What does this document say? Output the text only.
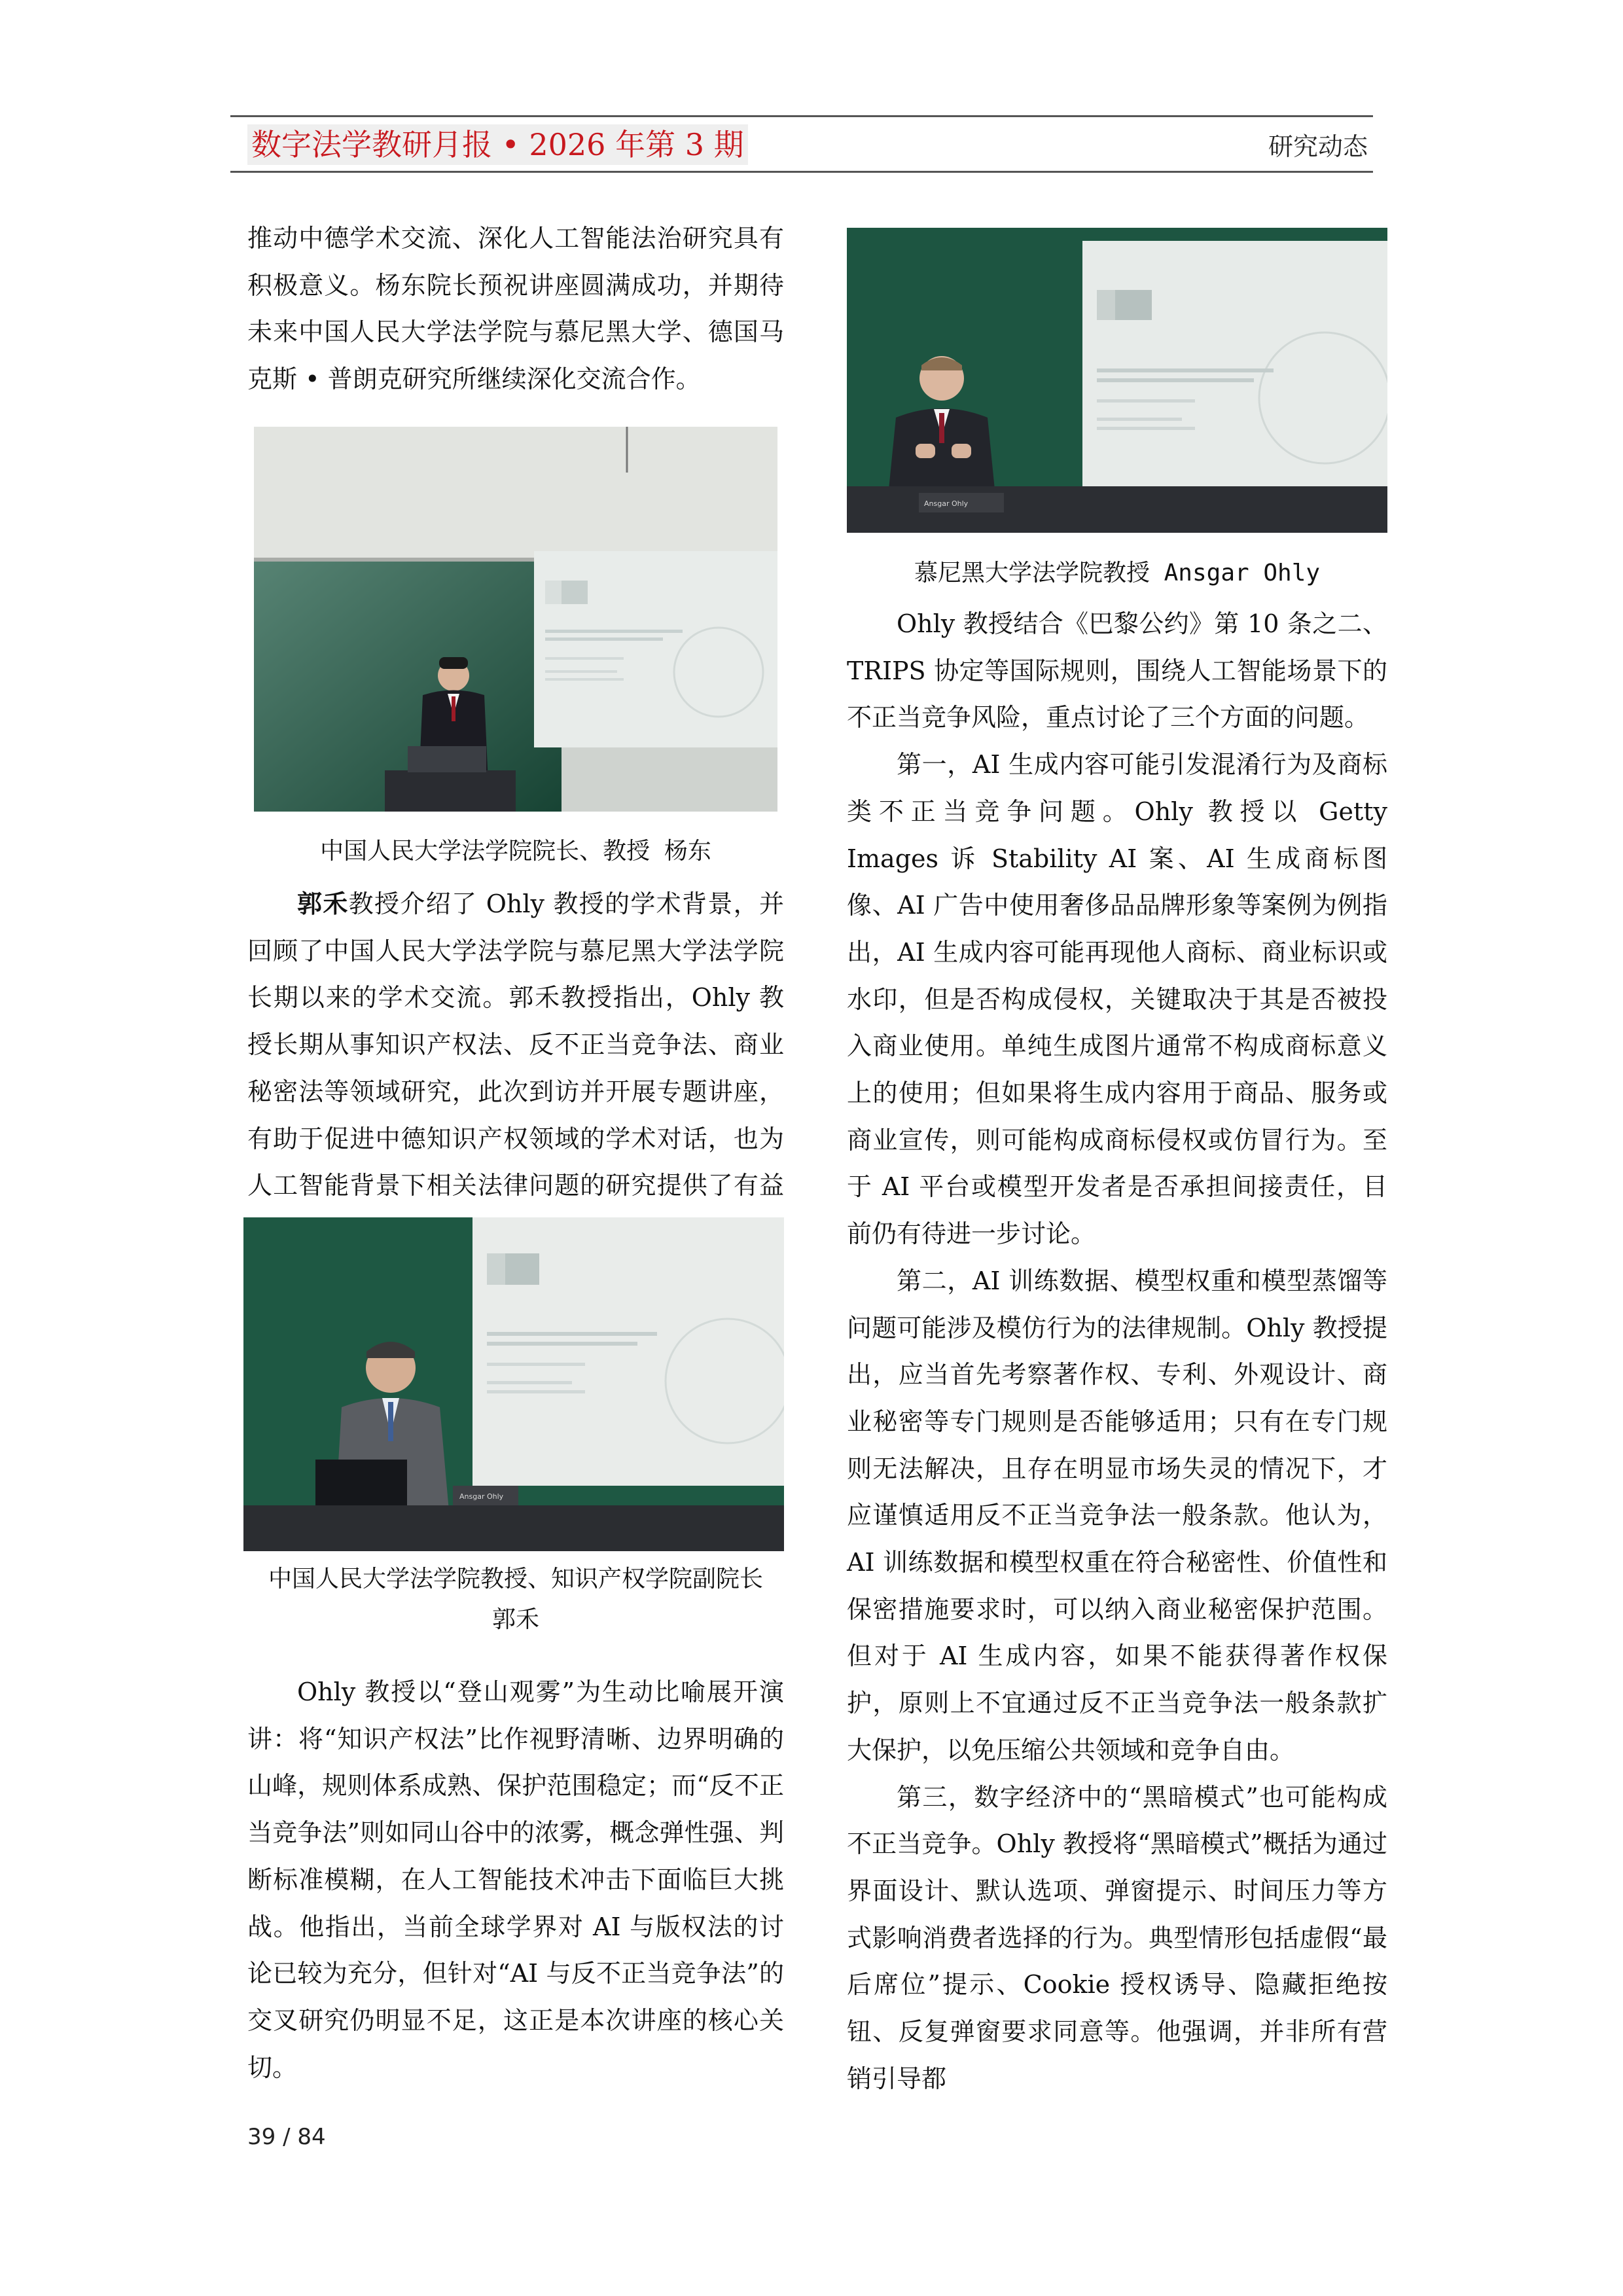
数字法学教研月报 • 2026 年第 3 期	研究动态

推动中德学术交流、深化人工智能法治研究具有积极意义。杨东院长预祝讲座圆满成功，并期待未来中国人民大学法学院与慕尼黑大学、德国马克斯 • 普朗克研究所继续深化交流合作。

中国人民大学法学院院长、教授 杨东

郭禾教授介绍了 Ohly 教授的学术背景，并回顾了中国人民大学法学院与慕尼黑大学法学院长期以来的学术交流。郭禾教授指出，Ohly 教授长期从事知识产权法、反不正当竞争法、商业秘密法等领域研究，此次到访并开展专题讲座，有助于促进中德知识产权领域的学术对话，也为人工智能背景下相关法律问题的研究提供了有益

Ansgar Ohly
中国人民大学法学院教授、知识产权学院副院长
郭禾

Ohly 教授以“登山观雾”为生动比喻展开演讲：将“知识产权法”比作视野清晰、边界明确的山峰，规则体系成熟、保护范围稳定；而“反不正当竞争法”则如同山谷中的浓雾，概念弹性强、判断标准模糊，在人工智能技术冲击下面临巨大挑战。他指出，当前全球学界对 AI 与版权法的讨论已较为充分，但针对“AI 与反不正当竞争法”的交叉研究仍明显不足，这正是本次讲座的核心关切。

Ansgar Ohly
慕尼黑大学法学院教授 Ansgar Ohly

Ohly 教授结合《巴黎公约》第 10 条之二、TRIPS 协定等国际规则，围绕人工智能场景下的不正当竞争风险，重点讨论了三个方面的问题。

第一，AI 生成内容可能引发混淆行为及商标类不正当竞争问题。Ohly 教授以 Getty Images 诉 Stability AI 案、AI 生成商标图像、AI 广告中使用奢侈品品牌形象等案例为例指出，AI 生成内容可能再现他人商标、商业标识或水印，但是否构成侵权，关键取决于其是否被投入商业使用。单纯生成图片通常不构成商标意义上的使用；但如果将生成内容用于商品、服务或商业宣传，则可能构成商标侵权或仿冒行为。至于 AI 平台或模型开发者是否承担间接责任，目前仍有待进一步讨论。

第二，AI 训练数据、模型权重和模型蒸馏等问题可能涉及模仿行为的法律规制。Ohly 教授提出，应当首先考察著作权、专利、外观设计、商业秘密等专门规则是否能够适用；只有在专门规则无法解决，且存在明显市场失灵的情况下，才应谨慎适用反不正当竞争法一般条款。他认为，AI 训练数据和模型权重在符合秘密性、价值性和保密措施要求时，可以纳入商业秘密保护范围。但对于 AI 生成内容，如果不能获得著作权保护，原则上不宜通过反不正当竞争法一般条款扩大保护，以免压缩公共领域和竞争自由。

第三，数字经济中的“黑暗模式”也可能构成不正当竞争。Ohly 教授将“黑暗模式”概括为通过界面设计、默认选项、弹窗提示、时间压力等方式影响消费者选择的行为。典型情形包括虚假“最后席位”提示、Cookie 授权诱导、隐藏拒绝按钮、反复弹窗要求同意等。他强调，并非所有营销引导都

39 / 84
